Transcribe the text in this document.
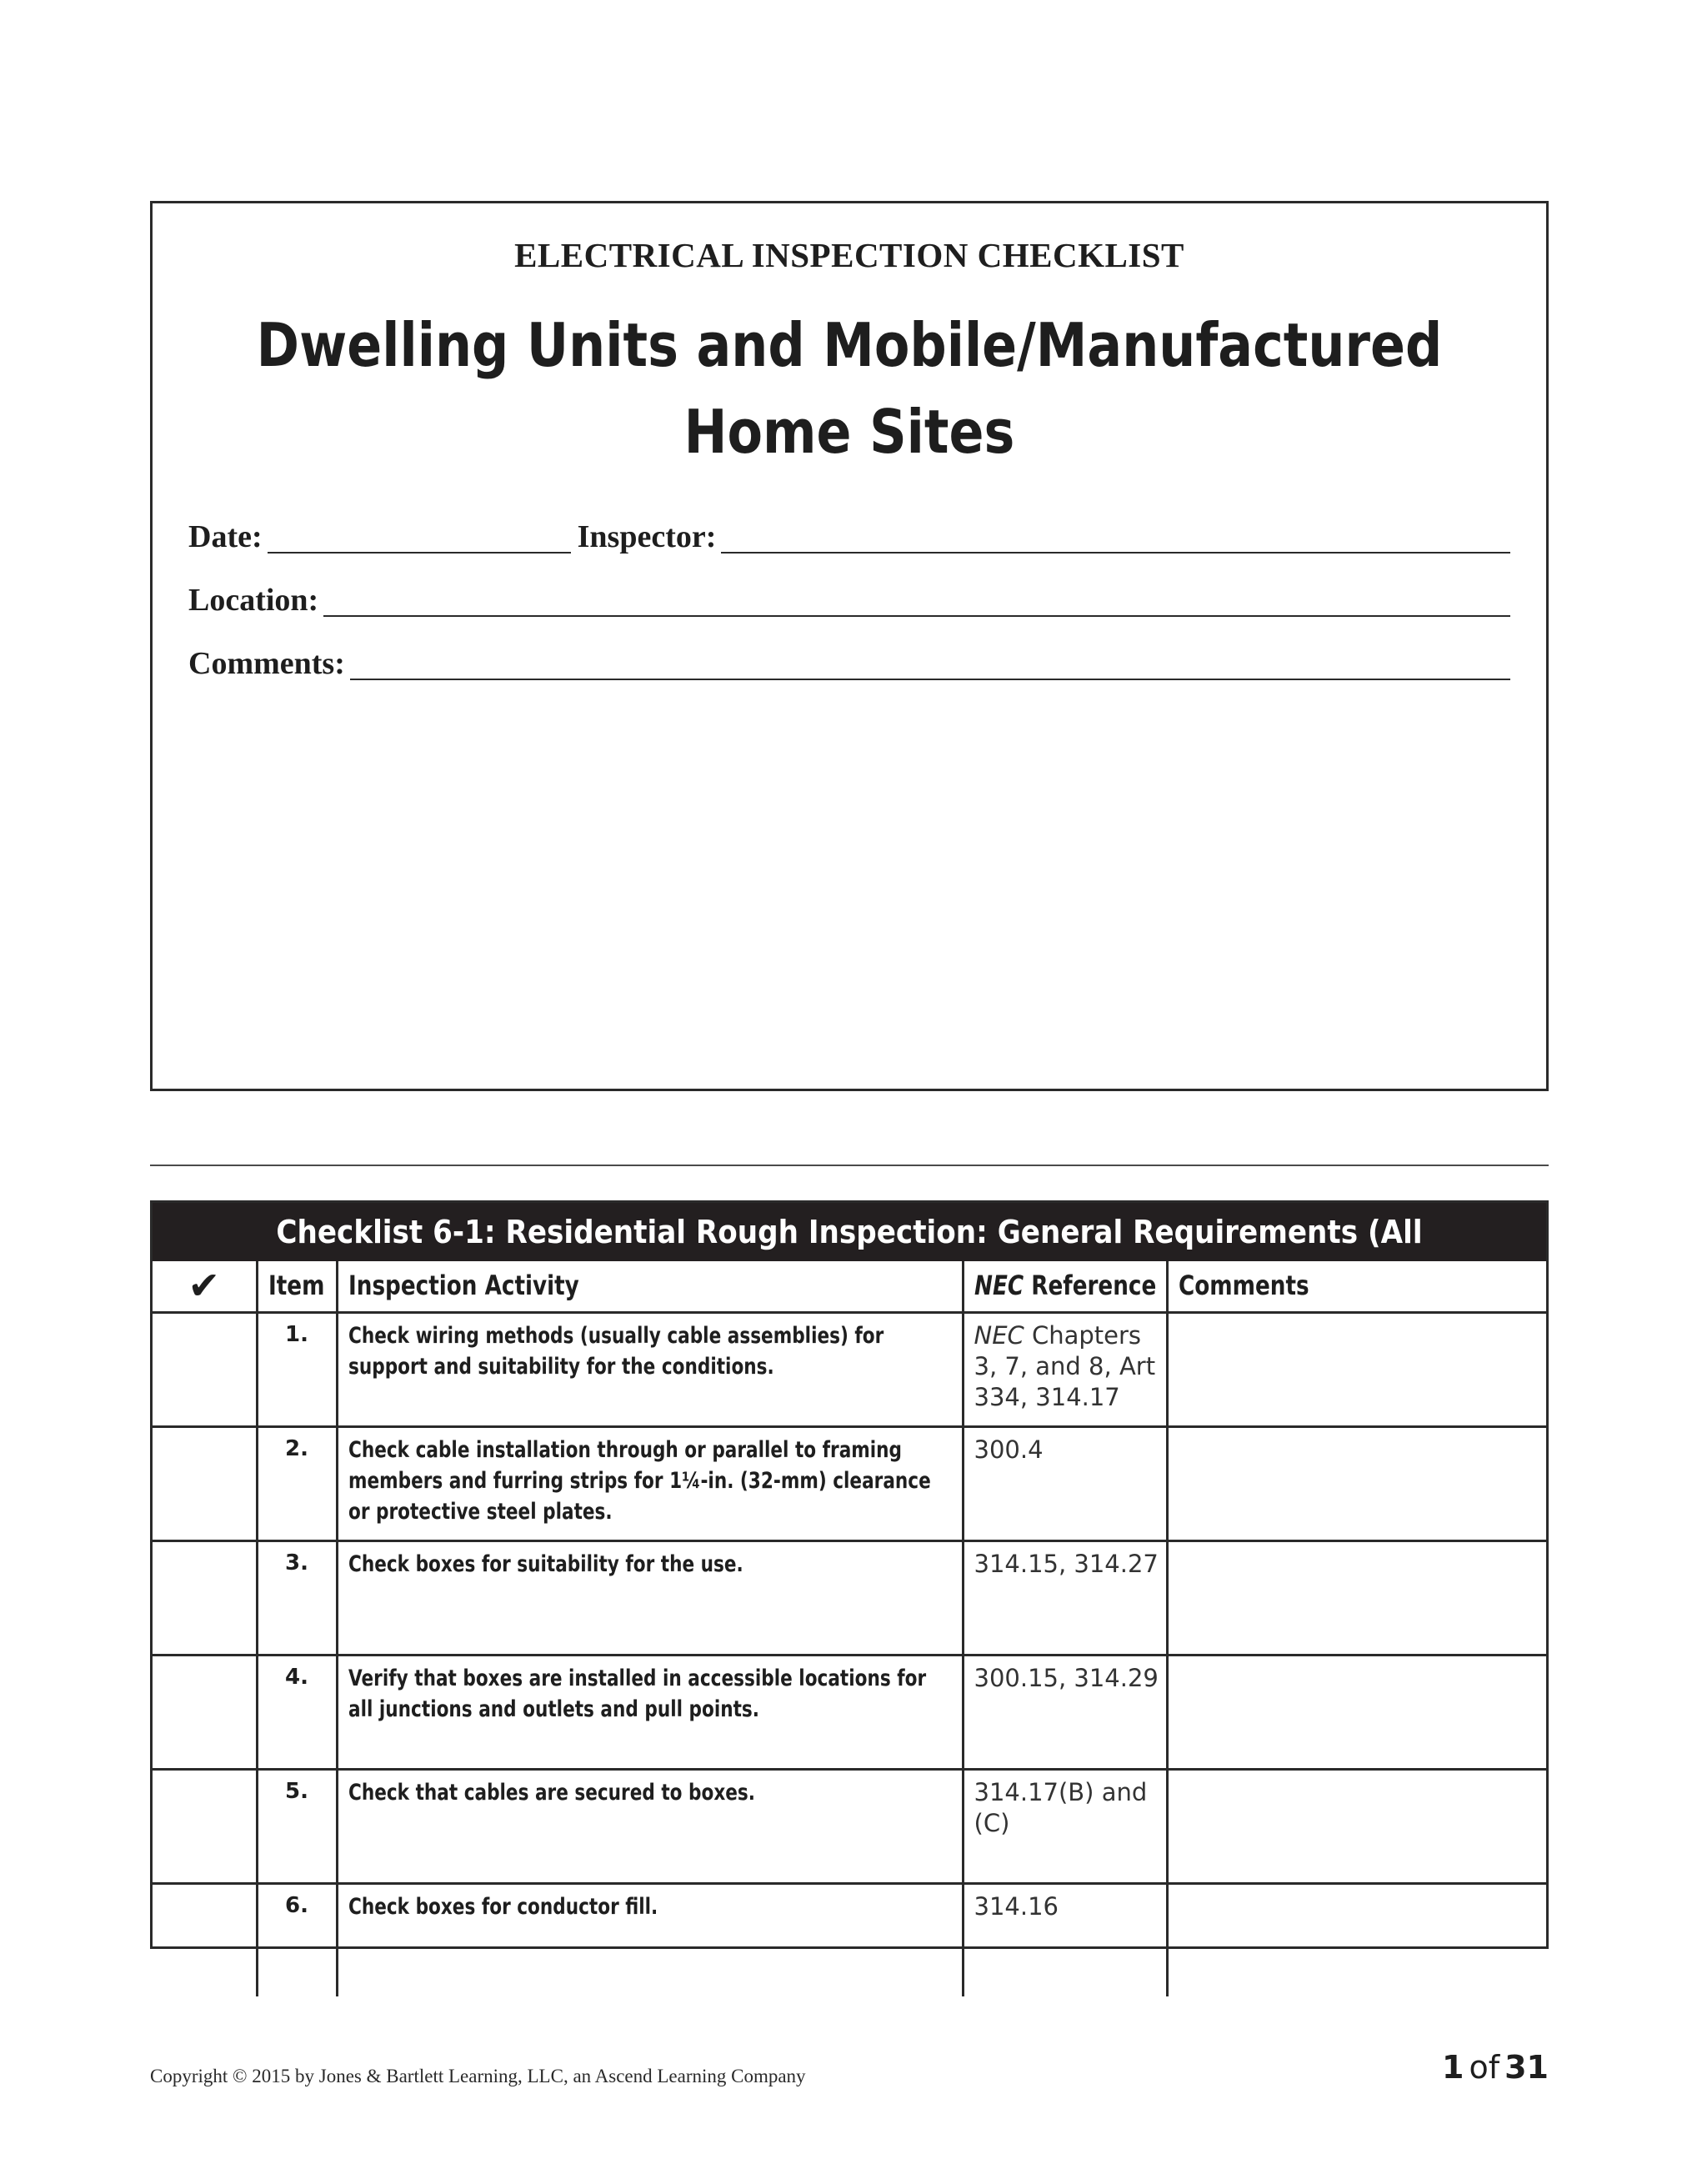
ELECTRICAL INSPECTION CHECKLIST
Dwelling Units and Mobile/Manufactured
Home Sites
Date:	Inspector:
Location:
Comments:
Checklist 6-1: Residential Rough Inspection: General Requirements (All Areas)
✔	Item	Inspection Activity	NEC Reference	Comments
	1.	Check wiring methods (usually cable assemblies) for support and suitability for the conditions.	NEC Chapters 3, 7, and 8, Art 334, 314.17	
	2.	Check cable installation through or parallel to framing members and furring strips for 1¼-in. (32-mm) clearance or protective steel plates.	300.4	
	3.	Check boxes for suitability for the use.	314.15, 314.27	
	4.	Verify that boxes are installed in accessible locations for all junctions and outlets and pull points.	300.15, 314.29	
	5.	Check that cables are secured to boxes.	314.17(B) and (C)	
	6.	Check boxes for conductor fill.	314.16	
Copyright © 2015 by Jones & Bartlett Learning, LLC, an Ascend Learning Company	1 of 31
